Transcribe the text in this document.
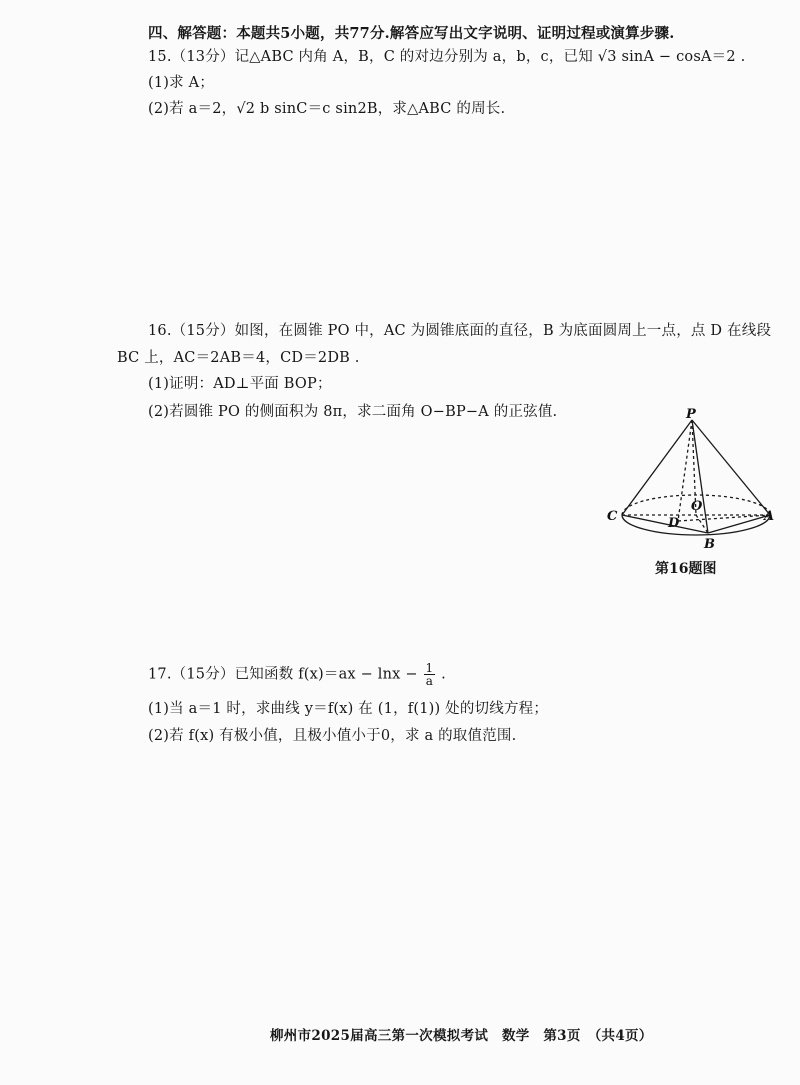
四、解答题：本题共5小题，共77分.解答应写出文字说明、证明过程或演算步骤.
15.（13分）记△ABC 内角 A，B，C 的对边分别为 a，b，c，已知 √3 sinA − cosA＝2 .
(1)求 A；
(2)若 a＝2，√2 b sinC＝c sin2B，求△ABC 的周长.
16.（15分）如图，在圆锥 PO 中，AC 为圆锥底面的直径，B 为底面圆周上一点，点 D 在线段
BC 上，AC＝2AB＝4，CD＝2DB .
(1)证明：AD⊥平面 BOP；
(2)若圆锥 PO 的侧面积为 8π，求二面角 O−BP−A 的正弦值.	P
O
C	A
B
D
第16题图
17.（15分）已知函数 $f(x)=ax - \ln x - \frac{1}{a}$ .
(1)当 a＝1 时，求曲线 y＝f(x) 在 (1，f(1)) 处的切线方程；
(2)若 f(x) 有极小值，且极小值小于0，求 a 的取值范围.
柳州市2025届高三第一次模拟考试　数学　第3页　（共4页）
